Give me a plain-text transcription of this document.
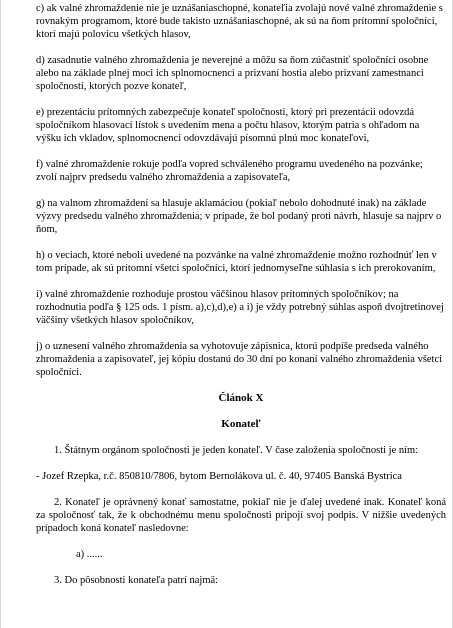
c) ak valné zhromaždenie nie je uznášaniaschopné, konateľia zvolajú nové valné zhromaždenie s rovnakým programom, ktoré bude takisto uznášaniaschopné, ak sú na ňom prítomní spoločníci, ktorí majú polovicu všetkých hlasov,

d) zasadnutie valného zhromaždenia je neverejné a môžu sa ňom zúčastniť spoločníci osobne alebo na základe plnej moci ich splnomocnenci a prizvaní hostia alebo prizvaní zamestnanci spoločnosti, ktorých pozve konateľ,

e) prezentáciu prítomných zabezpečuje konateľ spoločnosti, ktorý pri prezentácii odovzdá spoločníkom hlasovací lístok s uvedením mena a počtu hlasov, ktorým patria s ohľadom na výšku ich vkladov, splnomocnenci odovzdávajú písomnú plnú moc konateľovi,

f) valné zhromaždenie rokuje podľa vopred schváleného programu uvedeného na pozvánke; zvolí najprv predsedu valného zhromaždenia a zapisovateľa,

g) na valnom zhromaždení sa hlasuje aklamáciou (pokiaľ nebolo dohodnuté inak) na základe výzvy predsedu valného zhromaždenia; v prípade, že bol podaný proti návrh, hlasuje sa najprv o ňom,

h) o veciach, ktoré neboli uvedené na pozvánke na valné zhromaždenie možno rozhodnúť len v tom prípade, ak sú prítomní všetci spoločníci, ktorí jednomyseľne súhlasia s ich prerokovaním,

i) valné zhromaždenie rozhoduje prostou väčšinou hlasov prítomných spoločníkov; na rozhodnutia podľa § 125 ods. 1 písm. a),c),d),e) a i) je vždy potrebný súhlas aspoň dvojtretinovej väčšiny všetkých hlasov spoločníkov,

j) o uznesení valného zhromaždenia sa vyhotovuje zápisnica, ktorú podpíše predseda valného zhromaždenia a zapisovateľ, jej kópiu dostanú do 30 dní po konaní valného zhromaždenia všetci spoločníci.

Článok X

Konateľ

1. Štátnym orgánom spoločnosti je jeden konateľ. V čase založenia spoločnosti je ním:

- Jozef Rzepka, r.č. 850810/7806, bytom Bernolákova ul. č. 40, 97405 Banská Bystrica

2. Konateľ je oprávnený konať samostatne, pokiaľ nie je ďalej uvedené inak. Konateľ koná za spoločnosť tak, že k obchodnému menu spoločnosti pripojí svoj podpis. V nižšie uvedených prípadoch koná konateľ nasledovne:

a) ......

3. Do pôsobnosti konateľa patrí najmä:
